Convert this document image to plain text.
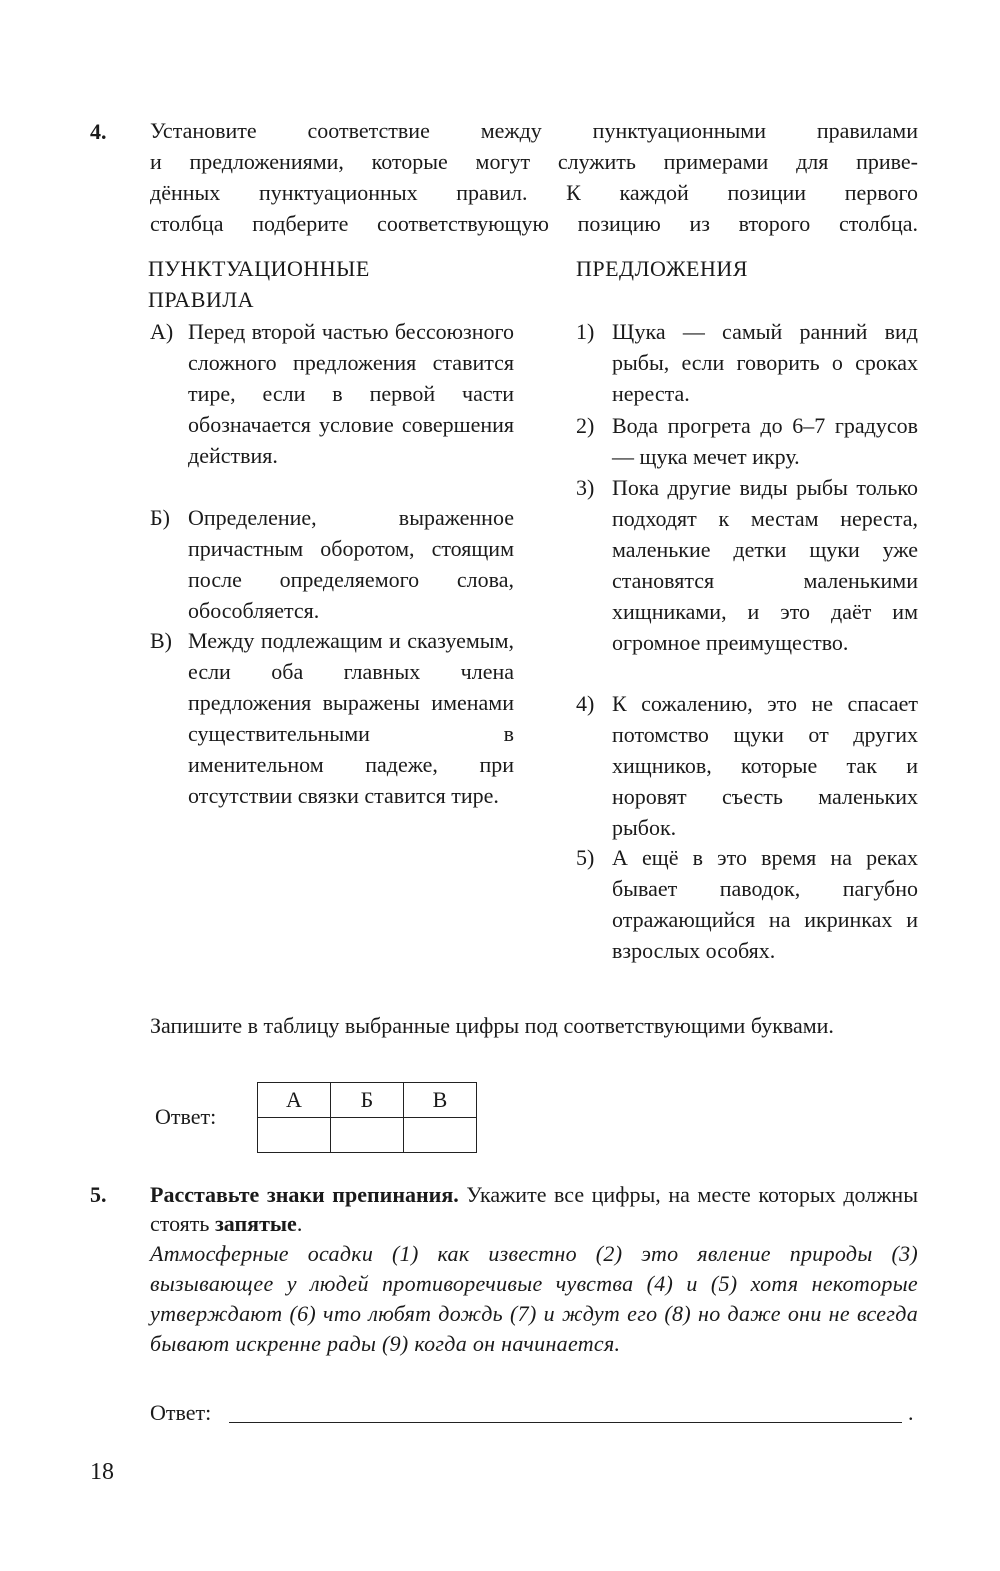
4. Установите соответствие между пунктуационными правилами

и предложениями, которые могут служить примерами для приве-

дённых пунктуационных правил. К каждой позиции первого

столбца подберите соответствующую позицию из второго столбца.

ПУНКТУАЦИОННЫЕ

ПРАВИЛА

ПРЕДЛОЖЕНИЯ

А) Перед второй частью бессоюзного сложного предложения ставится тире, если в первой части обозначается условие совершения действия.

Б) Определение, выраженное причастным оборотом, стоящим после определяемого слова, обособляется.

В) Между подлежащим и сказуемым, если оба главных члена предложения выражены именами существительными в именительном падеже, при отсутствии связки ставится тире.

1) Щука — самый ранний вид рыбы, если говорить о сроках нереста.

2) Вода прогрета до 6–7 градусов — щука мечет икру.

3) Пока другие виды рыбы только подходят к местам нереста, маленькие детки щуки уже становятся маленькими хищниками, и это даёт им огромное преимущество.

4) К сожалению, это не спасает потомство щуки от других хищников, которые так и норовят съесть маленьких рыбок.

5) А ещё в это время на реках бывает паводок, пагубно отражающийся на икринках и взрослых особях.

Запишите в таблицу выбранные цифры под соответствующими буквами.

Ответ:
А	Б	В

5. Расставьте знаки препинания. Укажите все цифры, на месте которых должны стоять запятые.

Атмосферные осадки (1) как известно (2) это явление природы (3) вызывающее у людей противоречивые чувства (4) и (5) хотя некоторые утверждают (6) что любят дождь (7) и ждут его (8) но даже они не всегда бывают искренне рады (9) когда он начинается.

Ответ:	.
18
